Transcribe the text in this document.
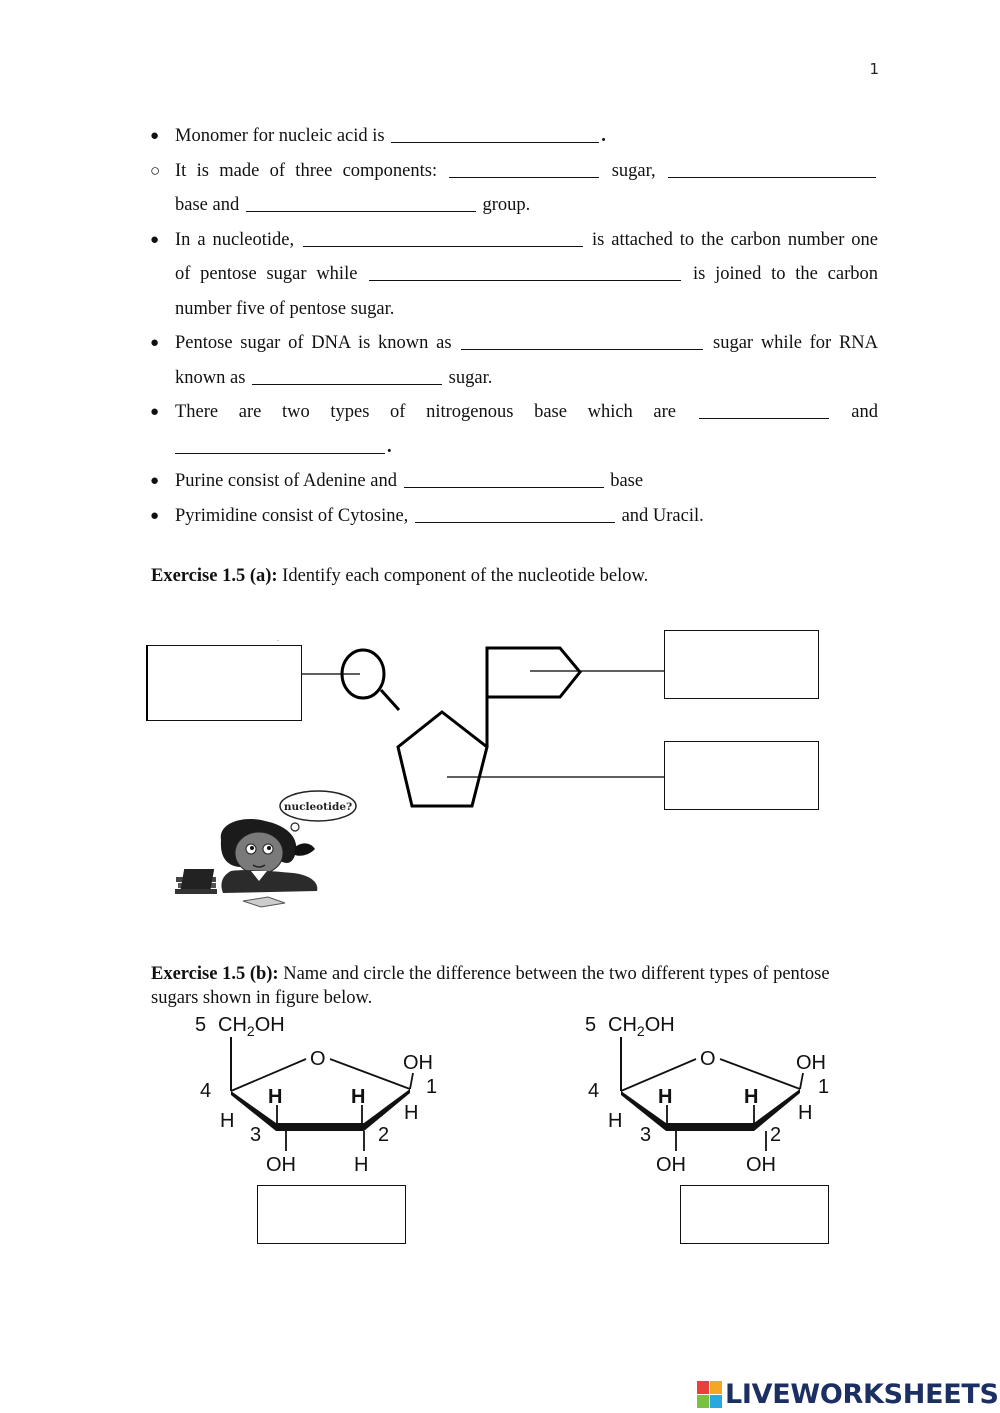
1
● Monomer for nucleic acid is	.
○ It is made of three components:	sugar,
base and	group.
● In a nucleotide,	is attached to the carbon number one
of pentose sugar while	is joined to the carbon
number five of pentose sugar.
● Pentose sugar of DNA is known as	sugar while for RNA
known as	sugar.
● There are two types of nitrogenous base which are	and
.
● Purine consist of Adenine and	base
● Pyrimidine consist of Cytosine,	and Uracil.
Exercise 1.5 (a): Identify each component of the nucleotide below.
nucleotide?
Exercise 1.5 (b): Name and circle the difference between the two different types of pentose sugars shown in figure below.
5 $CH_2OH$
O	OH
1
H
4
H
H	H
3	2
OH	H
5 $CH_2OH$
O	OH
1
H
4
H
H	H
3	2
OH	OH
LIVEWORKSHEETS
